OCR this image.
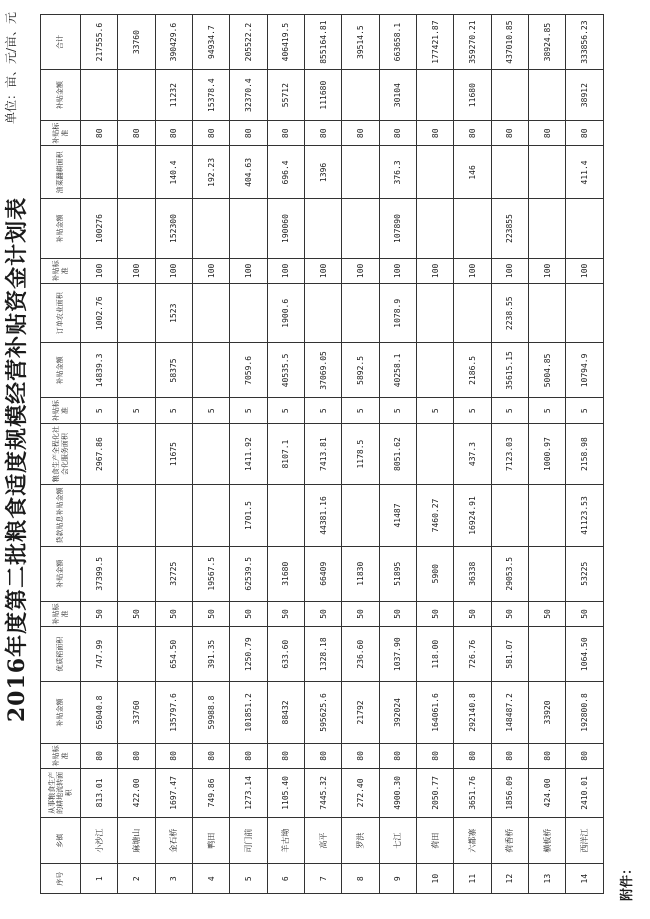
附件：
2016年度第二批粮食适度规模经营补贴资金计划表
单位：亩、元/亩、元
序号	乡镇	从事粮食生产的耕地流转面积	补贴标准	补贴金额	优质稻面积	补贴标准	补贴金额	贷款贴息补贴金额	粮食生产全程化社会化服务面积	补贴标准	补贴金额	订单农业面积	补贴标准	补贴金额	油菜翻耕面积	补贴标准	补贴金额	合计
1	小沙江	813.01	80	65040.8	747.99	50	37399.5		2967.86	5	14839.3	1002.76	100	100276		80		217555.6
2	麻塘山	422.00	80	33760		50				5			100			80		33760
3	金石桥	1697.47	80	135797.6	654.50	50	32725		11675	5	58375	1523	100	152300	140.4	80	11232	390429.6
4	鸭田	749.86	80	59988.8	391.35	50	19567.5			5			100		192.23	80	15378.4	94934.7
5	司门前	1273.14	80	101851.2	1250.79	50	62539.5	1701.5	1411.92	5	7059.6		100		404.63	80	32370.4	205522.2
6	羊古坳	1105.40	80	88432	633.60	50	31680		8107.1	5	40535.5	1900.6	100	190060	696.4	80	55712	406419.5
7	高平	7445.32	80	595625.6	1328.18	50	66409	44381.16	7413.81	5	37069.05		100		1396	80	111680	855164.81
8	罗洪	272.40	80	21792	236.60	50	11830		1178.5	5	5892.5		100			80		39514.5
9	七江	4900.30	80	392024	1037.90	50	51895	41487	8051.62	5	40258.1	1078.9	100	107890	376.3	80	30104	663658.1
10	荷田	2050.77	80	164061.6	118.00	50	5900	7460.27		5			100			80		177421.87
11	六都寨	3651.76	80	292140.8	726.76	50	36338	16924.91	437.3	5	2186.5		100		146	80	11680	359270.21
12	荷香桥	1856.09	80	148487.2	581.07	50	29053.5		7123.03	5	35615.15	2238.55	100	223855		80		437010.85
13	横板桥	424.00	80	33920		50			1000.97	5	5004.85		100			80		38924.85
14	西洋江	2410.01	80	192800.8	1064.50	50	53225	41123.53	2158.98	5	10794.9		100		411.4	80	38912	333856.23
